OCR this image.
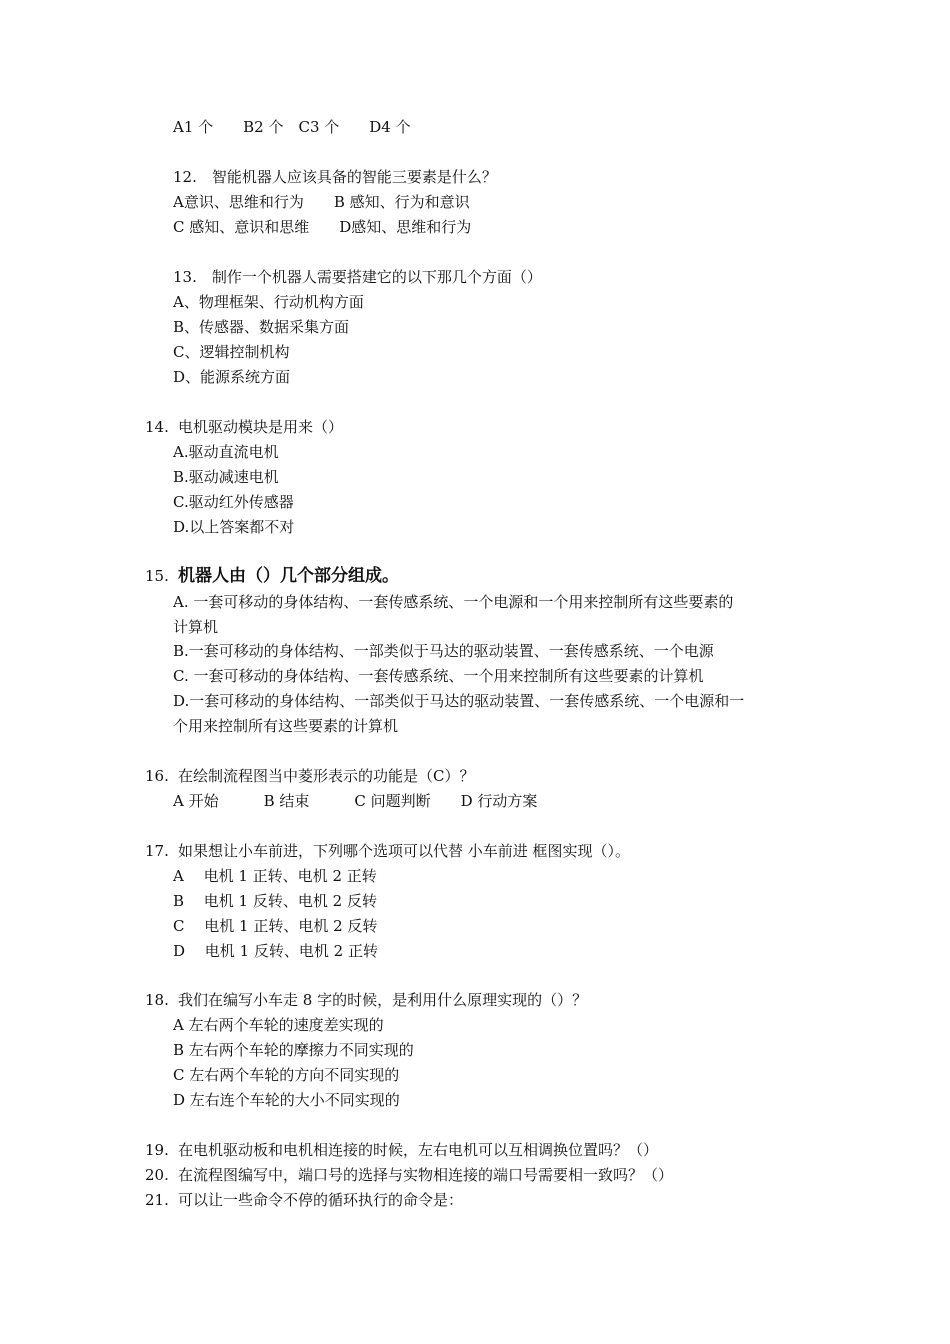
A1 个　　B2 个　C3 个　　D4 个
12.　智能机器人应该具备的智能三要素是什么？
A意识、思维和行为　　B 感知、行为和意识
C 感知、意识和思维　　D感知、思维和行为
13.　制作一个机器人需要搭建它的以下那几个方面（）
A、物理框架、行动机构方面
B、传感器、数据采集方面
C、逻辑控制机构
D、能源系统方面
14. 电机驱动模块是用来（）
A.驱动直流电机
B.驱动减速电机
C.驱动红外传感器
D.以上答案都不对
15. 机器人由（）几个部分组成。
A. 一套可移动的身体结构、一套传感系统、一个电源和一个用来控制所有这些要素的
计算机
B.一套可移动的身体结构、一部类似于马达的驱动装置、一套传感系统、一个电源
C. 一套可移动的身体结构、一套传感系统、一个用来控制所有这些要素的计算机
D.一套可移动的身体结构、一部类似于马达的驱动装置、一套传感系统、一个电源和一
个用来控制所有这些要素的计算机
16. 在绘制流程图当中菱形表示的功能是（C）？
A 开始　　　B 结束　　　C 问题判断　　D 行动方案
17. 如果想让小车前进，下列哪个选项可以代替 小车前进 框图实现（）。
A　 电机 1 正转、电机 2 正转
B　 电机 1 反转、电机 2 反转
C　 电机 1 正转、电机 2 反转
D　 电机 1 反转、电机 2 正转
18. 我们在编写小车走 8 字的时候，是利用什么原理实现的（）？
A 左右两个车轮的速度差实现的
B 左右两个车轮的摩擦力不同实现的
C 左右两个车轮的方向不同实现的
D 左右连个车轮的大小不同实现的
19. 在电机驱动板和电机相连接的时候，左右电机可以互相调换位置吗？（）
20. 在流程图编写中，端口号的选择与实物相连接的端口号需要相一致吗？（）
21. 可以让一些命令不停的循环执行的命令是：
